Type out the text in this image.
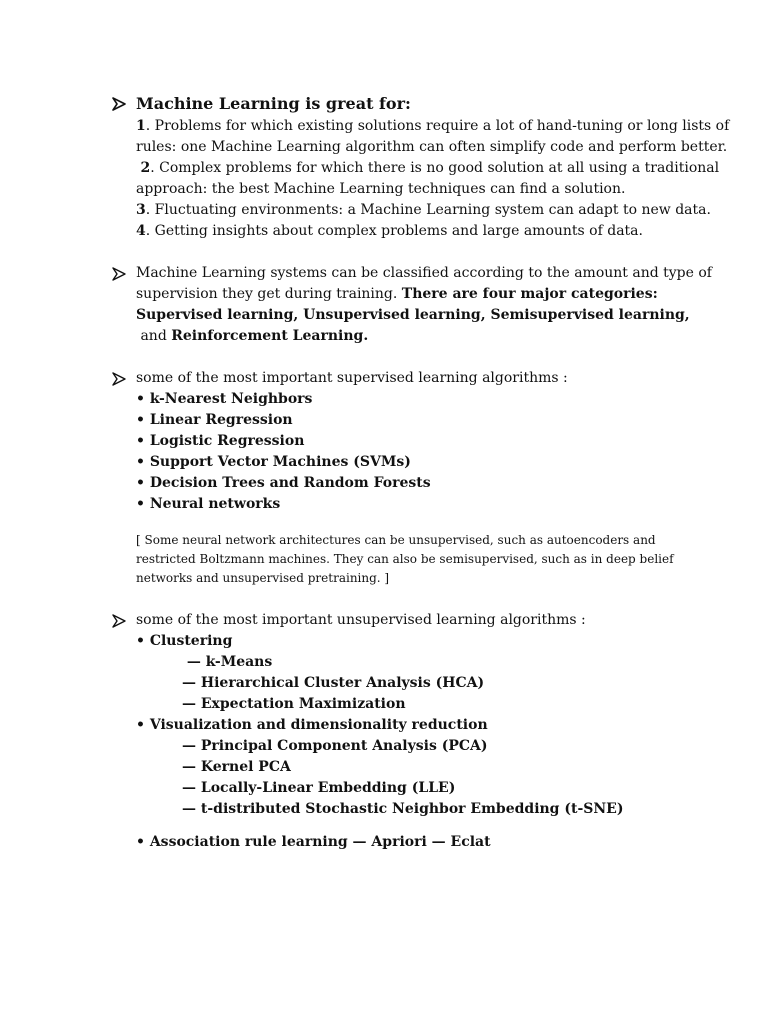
Machine Learning is great for:
1. Problems for which existing solutions require a lot of hand-tuning or long lists of
rules: one Machine Learning algorithm can often simplify code and perform better.
2. Complex problems for which there is no good solution at all using a traditional
approach: the best Machine Learning techniques can find a solution.
3. Fluctuating environments: a Machine Learning system can adapt to new data.
4. Getting insights about complex problems and large amounts of data.
Machine Learning systems can be classified according to the amount and type of
supervision they get during training. There are four major categories:
Supervised learning, Unsupervised learning, Semisupervised learning,
and Reinforcement Learning.
some of the most important supervised learning algorithms :
• k-Nearest Neighbors
• Linear Regression
• Logistic Regression
• Support Vector Machines (SVMs)
• Decision Trees and Random Forests
• Neural networks
[ Some neural network architectures can be unsupervised, such as autoencoders and
restricted Boltzmann machines. They can also be semisupervised, such as in deep belief
networks and unsupervised pretraining. ]
some of the most important unsupervised learning algorithms :
• Clustering
— k-Means
— Hierarchical Cluster Analysis (HCA)
— Expectation Maximization
• Visualization and dimensionality reduction
— Principal Component Analysis (PCA)
— Kernel PCA
— Locally-Linear Embedding (LLE)
— t-distributed Stochastic Neighbor Embedding (t-SNE)
• Association rule learning — Apriori — Eclat
